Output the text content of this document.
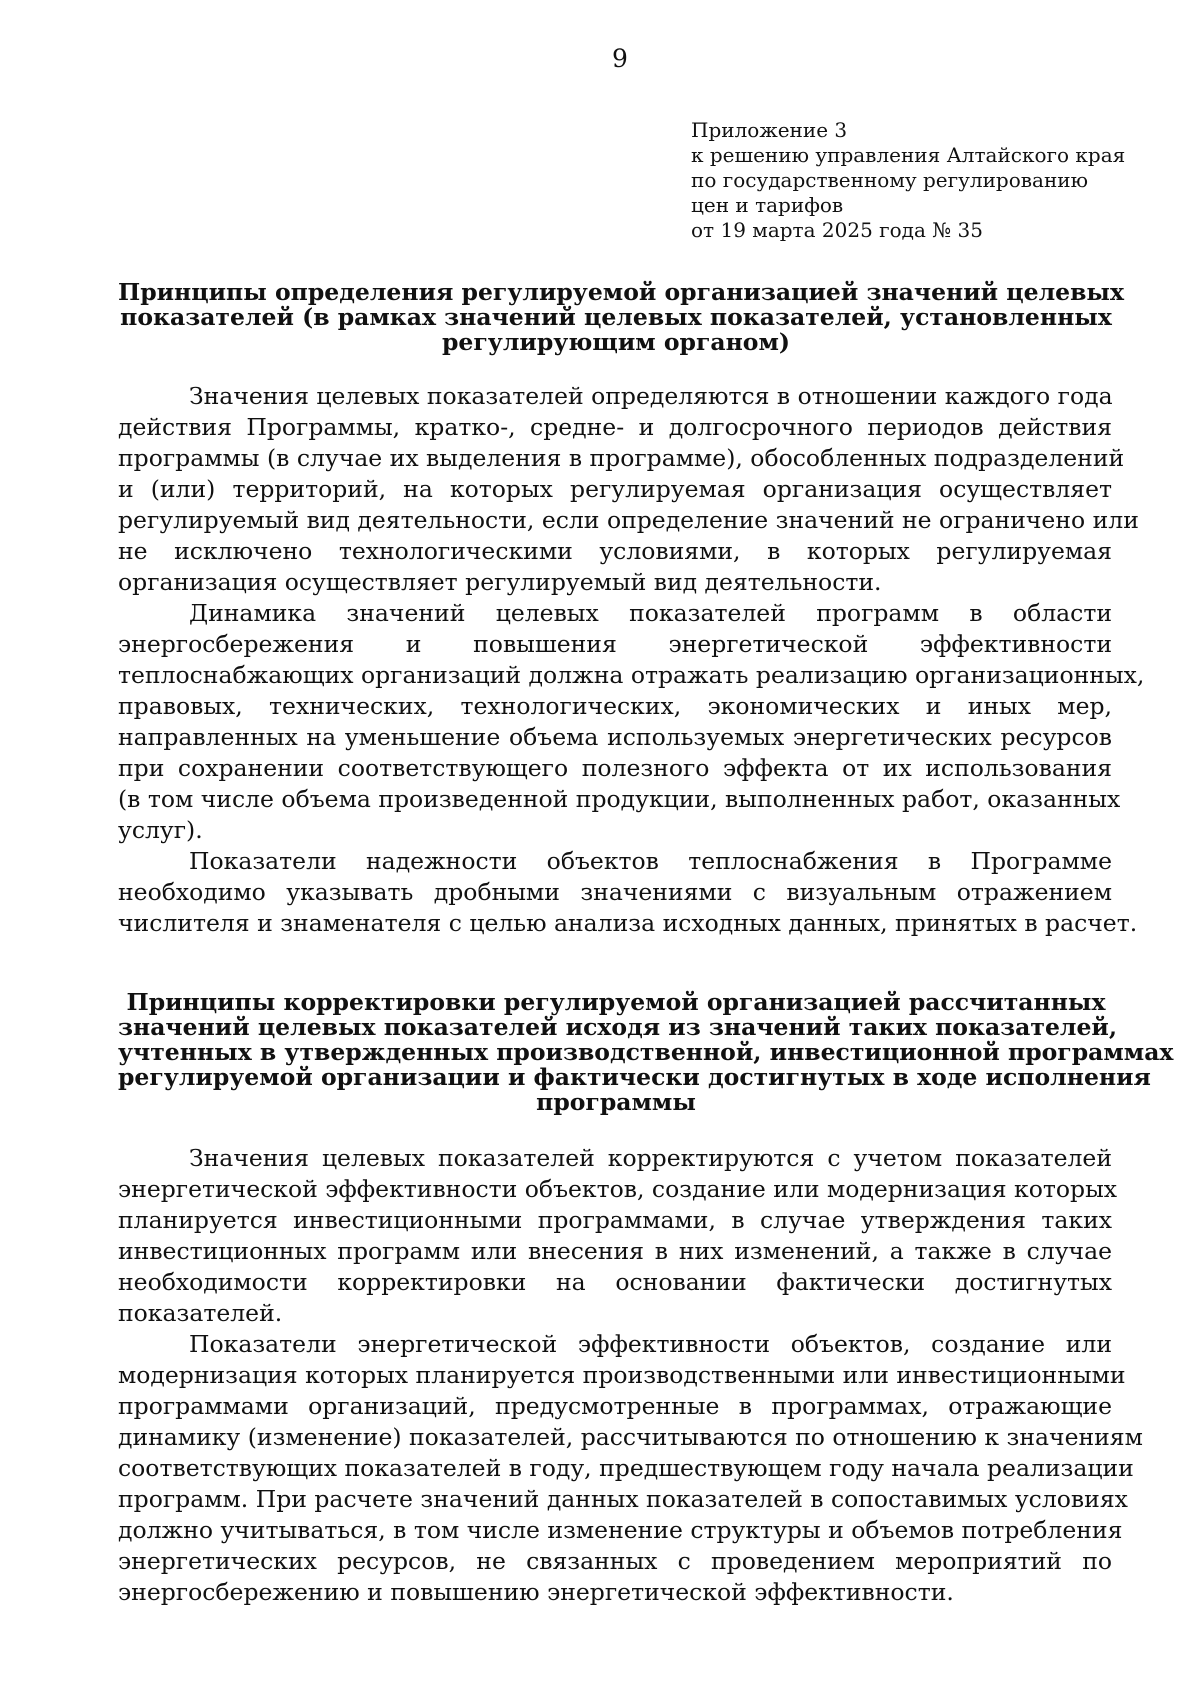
9
Приложение 3
к решению управления Алтайского края
по государственному регулированию
цен и тарифов
от 19 марта 2025 года № 35
Принципы определения регулируемой организацией значений целевых
показателей (в рамках значений целевых показателей, установленных
регулирующим органом)
Значения целевых показателей определяются в отношении каждого года
действия Программы, кратко-, средне- и долгосрочного периодов действия
программы (в случае их выделения в программе), обособленных подразделений
и (или) территорий, на которых регулируемая организация осуществляет
регулируемый вид деятельности, если определение значений не ограничено или
не исключено технологическими условиями, в которых регулируемая
организация осуществляет регулируемый вид деятельности.
Динамика значений целевых показателей программ в области
энергосбережения и повышения энергетической эффективности
теплоснабжающих организаций должна отражать реализацию организационных,
правовых, технических, технологических, экономических и иных мер,
направленных на уменьшение объема используемых энергетических ресурсов
при сохранении соответствующего полезного эффекта от их использования
(в том числе объема произведенной продукции, выполненных работ, оказанных
услуг).
Показатели надежности объектов теплоснабжения в Программе
необходимо указывать дробными значениями с визуальным отражением
числителя и знаменателя с целью анализа исходных данных, принятых в расчет.
Принципы корректировки регулируемой организацией рассчитанных
значений целевых показателей исходя из значений таких показателей,
учтенных в утвержденных производственной, инвестиционной программах
регулируемой организации и фактически достигнутых в ходе исполнения
программы
Значения целевых показателей корректируются с учетом показателей
энергетической эффективности объектов, создание или модернизация которых
планируется инвестиционными программами, в случае утверждения таких
инвестиционных программ или внесения в них изменений, а также в случае
необходимости корректировки на основании фактически достигнутых
показателей.
Показатели энергетической эффективности объектов, создание или
модернизация которых планируется производственными или инвестиционными
программами организаций, предусмотренные в программах, отражающие
динамику (изменение) показателей, рассчитываются по отношению к значениям
соответствующих показателей в году, предшествующем году начала реализации
программ. При расчете значений данных показателей в сопоставимых условиях
должно учитываться, в том числе изменение структуры и объемов потребления
энергетических ресурсов, не связанных с проведением мероприятий по
энергосбережению и повышению энергетической эффективности.
